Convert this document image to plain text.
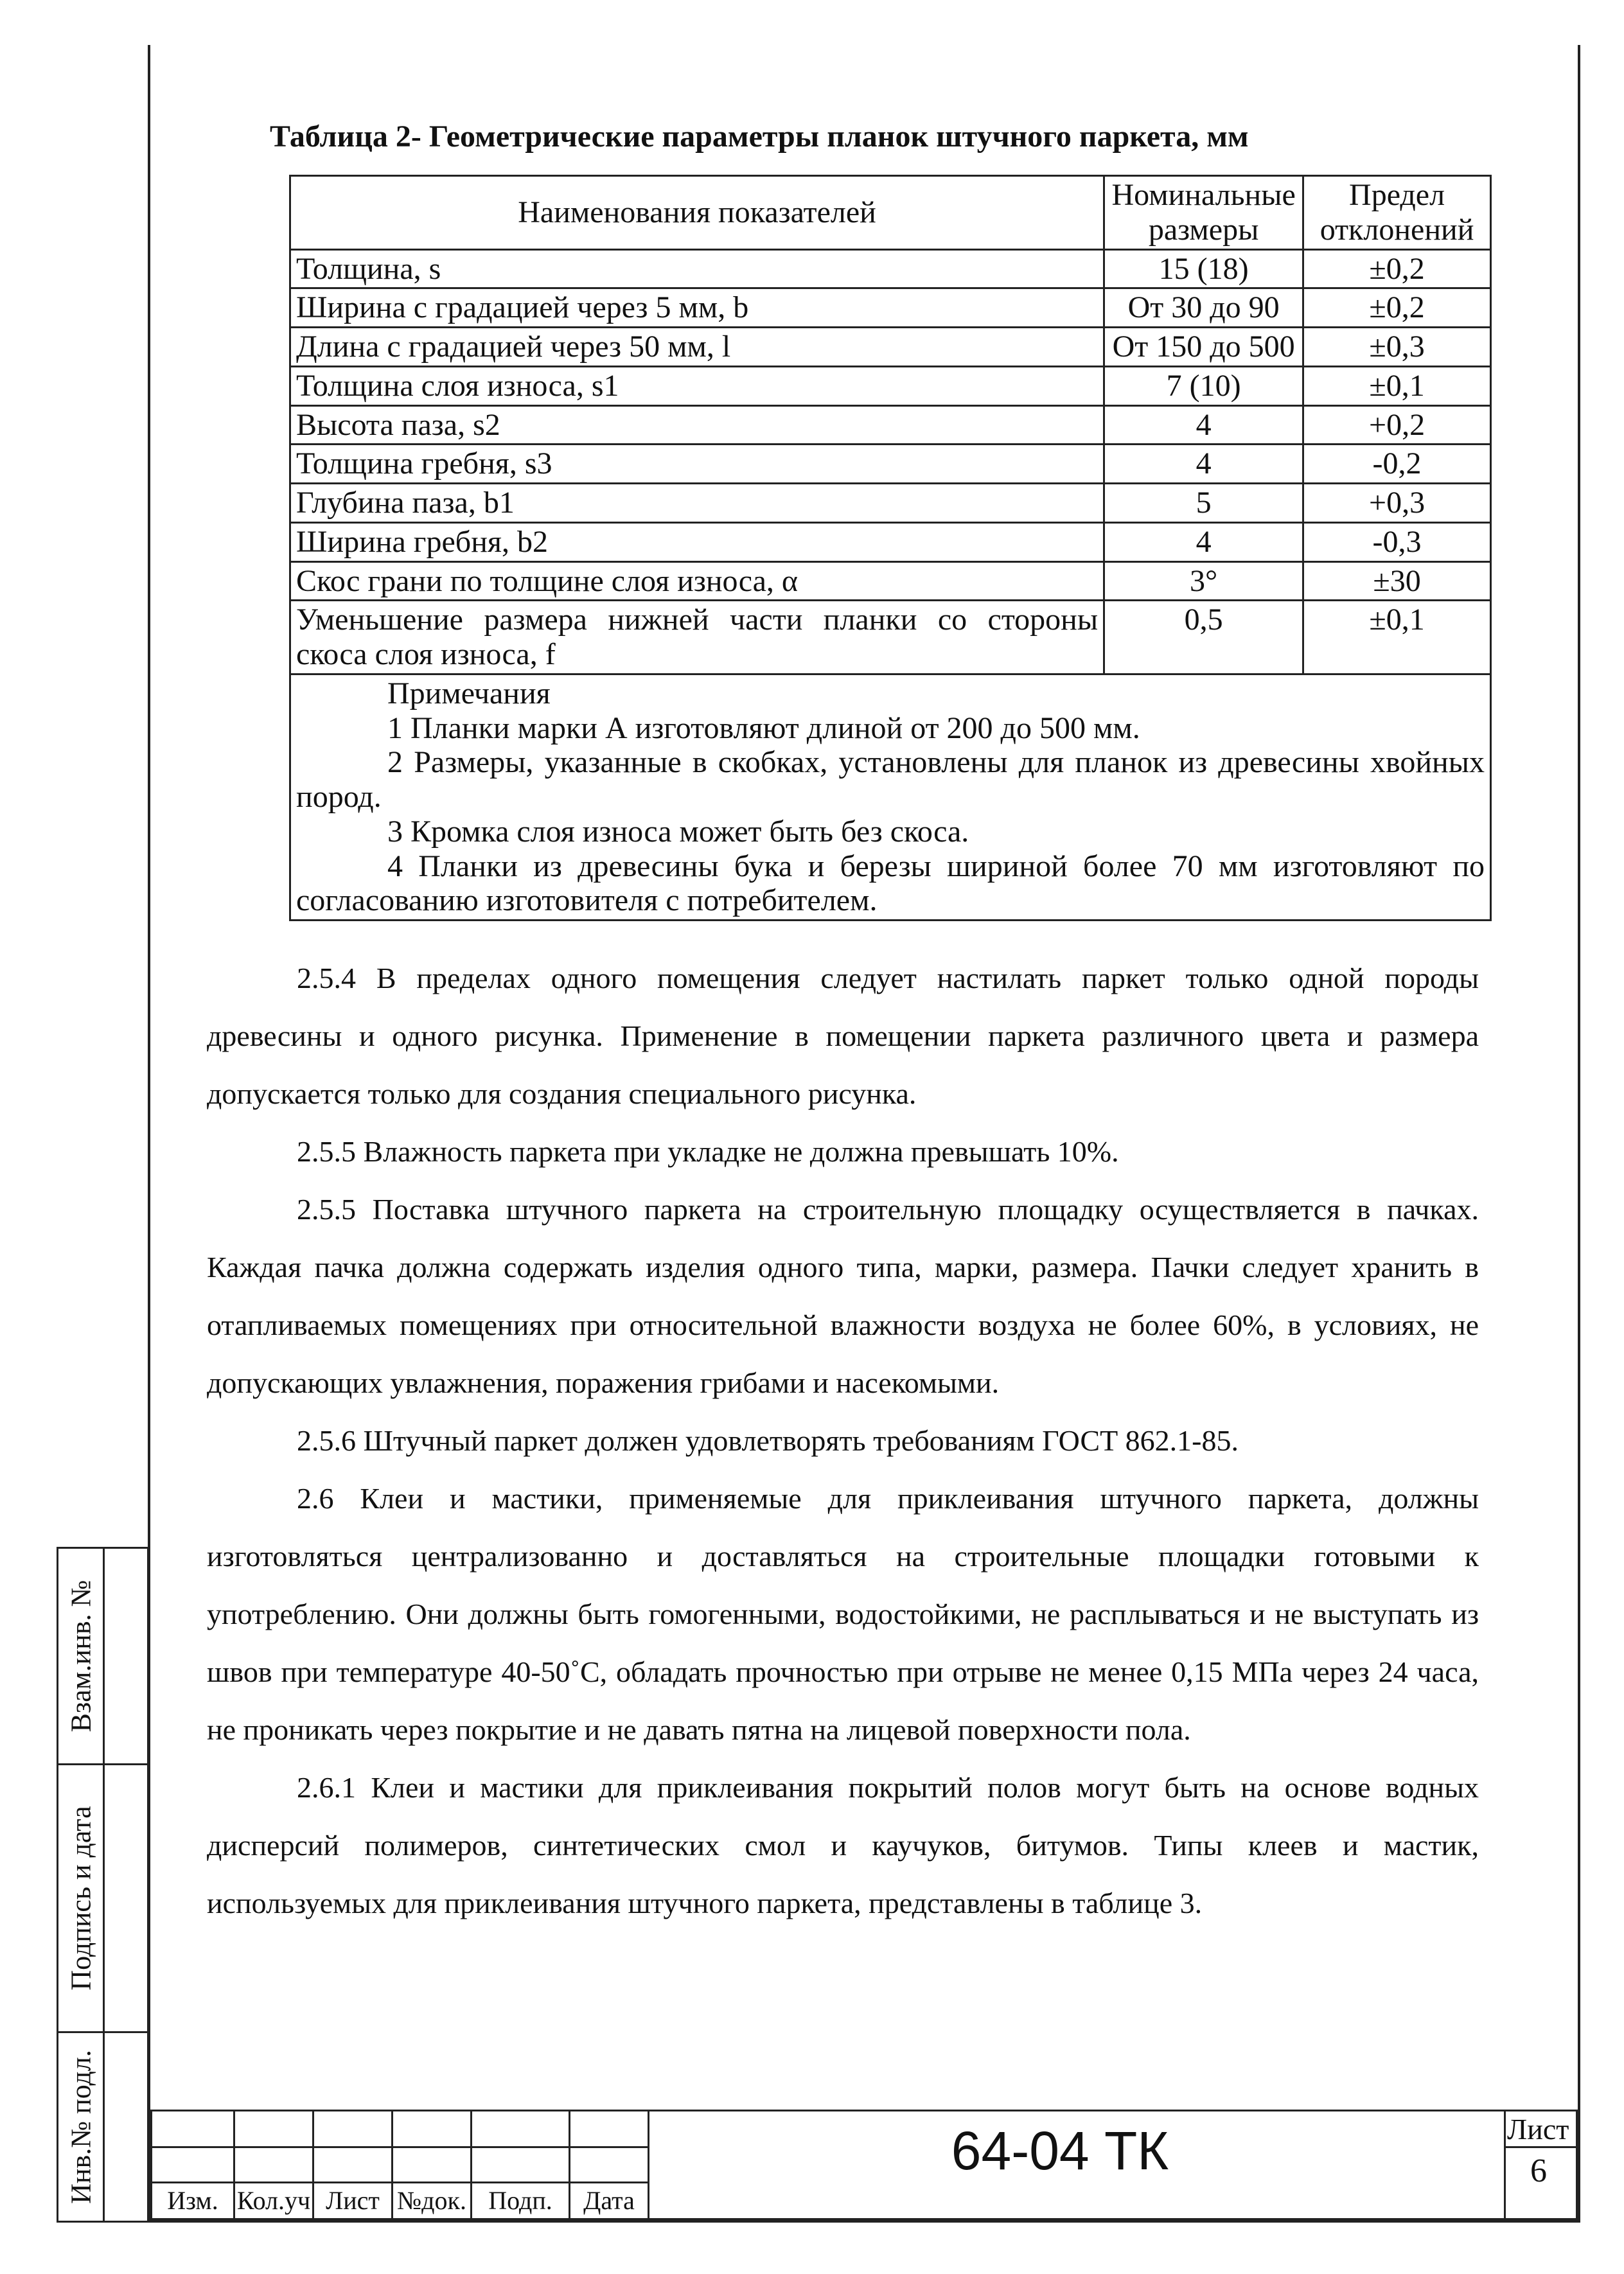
Взам.инв. №
Подпись и дата
Инв.№ подл.
Таблица 2- Геометрические параметры планок штучного паркета, мм
Наименования показателей	Номинальные размеры	Предел отклонений
Толщина, s	15 (18)	±0,2
Ширина с градацией через 5 мм, b	От 30 до 90	±0,2
Длина с градацией через 50 мм, l	От 150 до 500	±0,3
Толщина слоя износа, s1	7 (10)	±0,1
Высота паза, s2	4	+0,2
Толщина гребня, s3	4	-0,2
Глубина паза, b1	5	+0,3
Ширина гребня, b2	4	-0,3
Скос грани по толщине слоя износа, α	3°	±30
Уменьшение размера нижней части планки со стороны скоса слоя износа, f	0,5	±0,1

Примечания

1 Планки марки А изготовляют длиной от 200 до 500 мм.

2 Размеры, указанные в скобках, установлены для планок из древесины хвойных пород.

3 Кромка слоя износа может быть без скоса.

4 Планки из древесины бука и березы шириной более 70 мм изготовляют по согласованию изготовителя с потребителем.		

2.5.4 В пределах одного помещения следует настилать паркет только одной породы древесины и одного рисунка. Применение в помещении паркета различного цвета и размера допускается только для создания специального рисунка.

2.5.5 Влажность паркета при укладке не должна превышать 10%.

2.5.5 Поставка штучного паркета на строительную площадку осуществляется в пачках. Каждая пачка должна содержать изделия одного типа, марки, размера. Пачки следует хранить в отапливаемых помещениях при относительной влажности воздуха не более 60%, в условиях, не допускающих увлажнения, поражения грибами и насекомыми.

2.5.6 Штучный паркет должен удовлетворять требованиям ГОСТ 862.1-85.

2.6 Клеи и мастики, применяемые для приклеивания штучного паркета, должны изготовляться централизованно и доставляться на строительные площадки готовыми к употреблению. Они должны быть гомогенными, водостойкими, не расплываться и не выступать из швов при температуре 40-50˚С, обладать прочностью при отрыве не менее 0,15 МПа через 24 часа, не проникать через покрытие и не давать пятна на лицевой поверхности пола.

2.6.1 Клеи и мастики для приклеивания покрытий полов могут быть на основе водных дисперсий полимеров, синтетических смол и каучуков, битумов. Типы клеев и мастик, используемых для приклеивания штучного паркета, представлены в таблице 3.

Изм. Кол.уч Лист №док. Подп.	Дата
64-04 ТК	Лист
6
